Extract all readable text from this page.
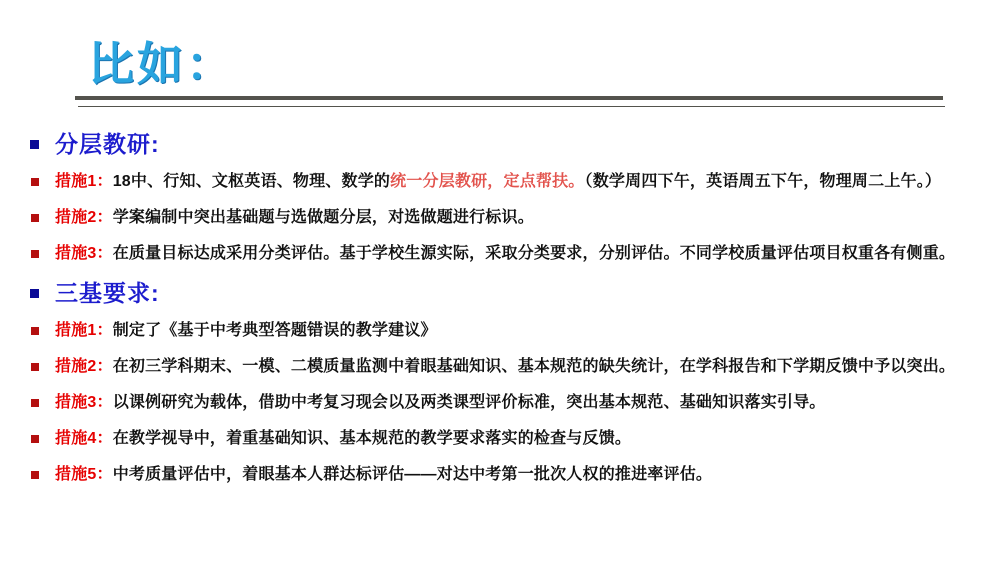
比如：
分层教研:
措施1：18中、行知、文枢英语、物理、数学的统一分层教研，定点帮扶。（数学周四下午，英语周五下午，物理周二上午。）
措施2：学案编制中突出基础题与选做题分层，对选做题进行标识。
措施3：在质量目标达成采用分类评估。基于学校生源实际，采取分类要求，分别评估。不同学校质量评估项目权重各有侧重。
三基要求:
措施1：制定了《基于中考典型答题错误的教学建议》
措施2：在初三学科期末、一模、二模质量监测中着眼基础知识、基本规范的缺失统计，在学科报告和下学期反馈中予以突出。
措施3：以课例研究为载体，借助中考复习现会以及两类课型评价标准，突出基本规范、基础知识落实引导。
措施4：在教学视导中，着重基础知识、基本规范的教学要求落实的检查与反馈。
措施5：中考质量评估中，着眼基本人群达标评估——对达中考第一批次人权的推进率评估。
